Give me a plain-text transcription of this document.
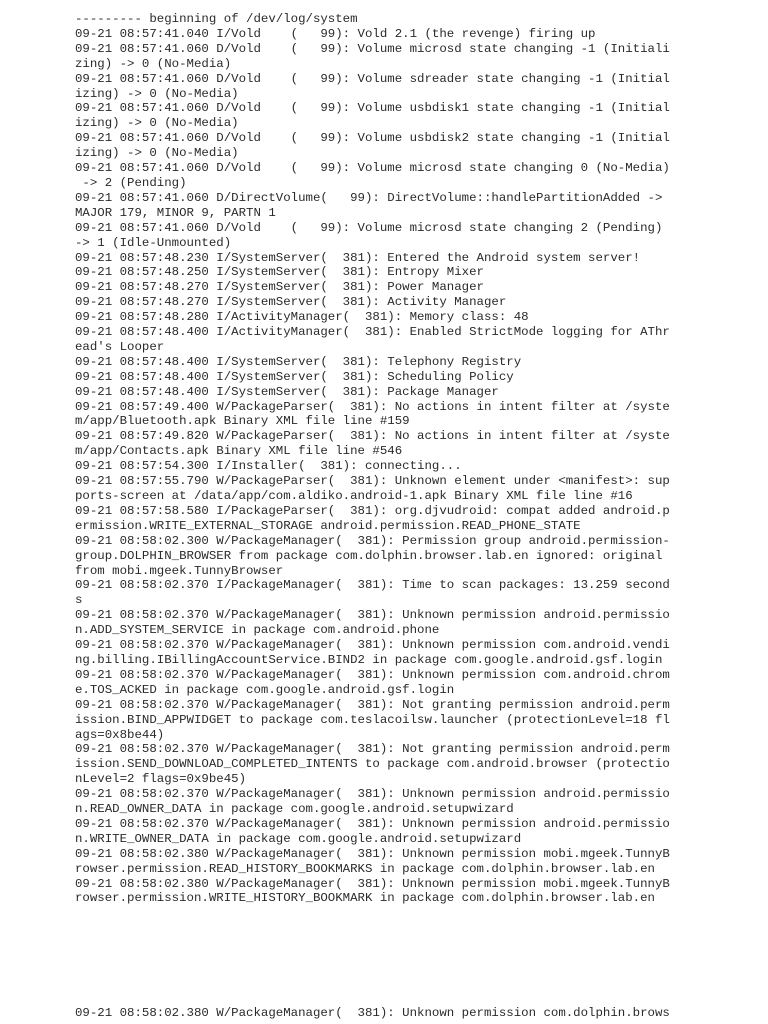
--------- beginning of /dev/log/system
09-21 08:57:41.040 I/Vold    (   99): Vold 2.1 (the revenge) firing up
09-21 08:57:41.060 D/Vold    (   99): Volume microsd state changing -1 (Initiali
zing) -> 0 (No-Media)
09-21 08:57:41.060 D/Vold    (   99): Volume sdreader state changing -1 (Initial
izing) -> 0 (No-Media)
09-21 08:57:41.060 D/Vold    (   99): Volume usbdisk1 state changing -1 (Initial
izing) -> 0 (No-Media)
09-21 08:57:41.060 D/Vold    (   99): Volume usbdisk2 state changing -1 (Initial
izing) -> 0 (No-Media)
09-21 08:57:41.060 D/Vold    (   99): Volume microsd state changing 0 (No-Media)
-> 2 (Pending)
09-21 08:57:41.060 D/DirectVolume(   99): DirectVolume::handlePartitionAdded ->
MAJOR 179, MINOR 9, PARTN 1
09-21 08:57:41.060 D/Vold    (   99): Volume microsd state changing 2 (Pending)
-> 1 (Idle-Unmounted)
09-21 08:57:48.230 I/SystemServer(  381): Entered the Android system server!
09-21 08:57:48.250 I/SystemServer(  381): Entropy Mixer
09-21 08:57:48.270 I/SystemServer(  381): Power Manager
09-21 08:57:48.270 I/SystemServer(  381): Activity Manager
09-21 08:57:48.280 I/ActivityManager(  381): Memory class: 48
09-21 08:57:48.400 I/ActivityManager(  381): Enabled StrictMode logging for AThr
ead's Looper
09-21 08:57:48.400 I/SystemServer(  381): Telephony Registry
09-21 08:57:48.400 I/SystemServer(  381): Scheduling Policy
09-21 08:57:48.400 I/SystemServer(  381): Package Manager
09-21 08:57:49.400 W/PackageParser(  381): No actions in intent filter at /syste
m/app/Bluetooth.apk Binary XML file line #159
09-21 08:57:49.820 W/PackageParser(  381): No actions in intent filter at /syste
m/app/Contacts.apk Binary XML file line #546
09-21 08:57:54.300 I/Installer(  381): connecting...
09-21 08:57:55.790 W/PackageParser(  381): Unknown element under <manifest>: sup
ports-screen at /data/app/com.aldiko.android-1.apk Binary XML file line #16
09-21 08:57:58.580 I/PackageParser(  381): org.djvudroid: compat added android.p
ermission.WRITE_EXTERNAL_STORAGE android.permission.READ_PHONE_STATE
09-21 08:58:02.300 W/PackageManager(  381): Permission group android.permission-
group.DOLPHIN_BROWSER from package com.dolphin.browser.lab.en ignored: original
from mobi.mgeek.TunnyBrowser
09-21 08:58:02.370 I/PackageManager(  381): Time to scan packages: 13.259 second
s
09-21 08:58:02.370 W/PackageManager(  381): Unknown permission android.permissio
n.ADD_SYSTEM_SERVICE in package com.android.phone
09-21 08:58:02.370 W/PackageManager(  381): Unknown permission com.android.vendi
ng.billing.IBillingAccountService.BIND2 in package com.google.android.gsf.login
09-21 08:58:02.370 W/PackageManager(  381): Unknown permission com.android.chrom
e.TOS_ACKED in package com.google.android.gsf.login
09-21 08:58:02.370 W/PackageManager(  381): Not granting permission android.perm
ission.BIND_APPWIDGET to package com.teslacoilsw.launcher (protectionLevel=18 fl
ags=0x8be44)
09-21 08:58:02.370 W/PackageManager(  381): Not granting permission android.perm
ission.SEND_DOWNLOAD_COMPLETED_INTENTS to package com.android.browser (protectio
nLevel=2 flags=0x9be45)
09-21 08:58:02.370 W/PackageManager(  381): Unknown permission android.permissio
n.READ_OWNER_DATA in package com.google.android.setupwizard
09-21 08:58:02.370 W/PackageManager(  381): Unknown permission android.permissio
n.WRITE_OWNER_DATA in package com.google.android.setupwizard
09-21 08:58:02.380 W/PackageManager(  381): Unknown permission mobi.mgeek.TunnyB
rowser.permission.READ_HISTORY_BOOKMARKS in package com.dolphin.browser.lab.en
09-21 08:58:02.380 W/PackageManager(  381): Unknown permission mobi.mgeek.TunnyB
rowser.permission.WRITE_HISTORY_BOOKMARK in package com.dolphin.browser.lab.en
09-21 08:58:02.380 W/PackageManager(  381): Unknown permission com.dolphin.brows
